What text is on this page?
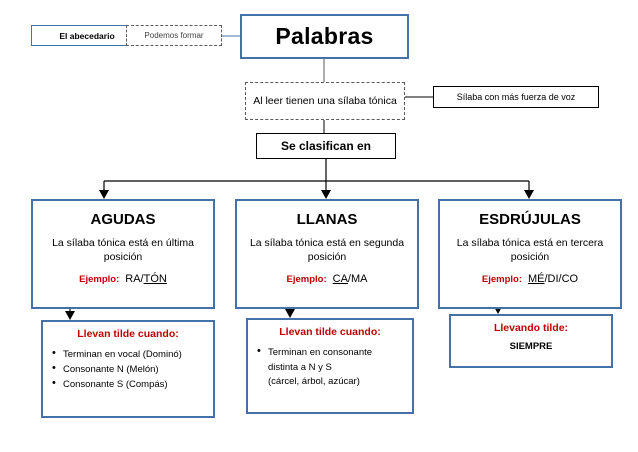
El abecedario	Podemos formar	Palabras
Al leer tienen una sílaba tónica	Sílaba con más fuerza de voz
Se clasifican en
AGUDAS
La sílaba tónica está en última posición
Ejemplo: RA/TÓN
LLANAS
La sílaba tónica está en segunda posición
Ejemplo: CA/MA
ESDRÚJULAS
La sílaba tónica está en tercera posición
Ejemplo: MÉ/DI/CO
Llevan tilde cuando:
• Terminan en vocal (Dominó)
• Consonante N (Melón)
• Consonante S (Compás)
Llevan tilde cuando:
• Terminan en consonante distinta a N y S
(cárcel, árbol, azúcar)
Llevando tilde:
SIEMPRE
